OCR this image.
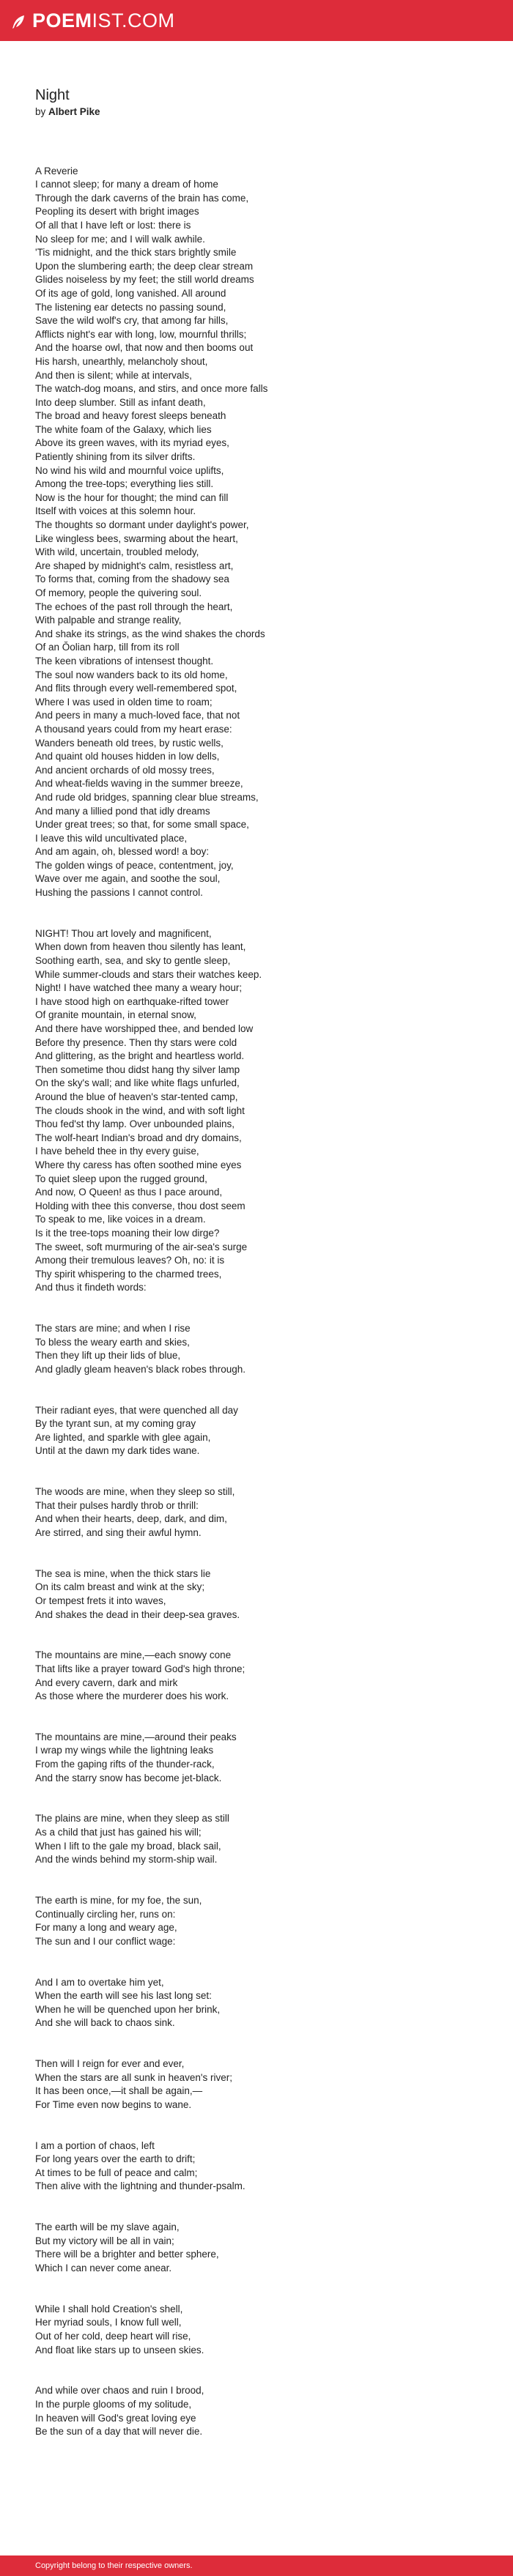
POEM IST.COM
Night
by Albert Pike

A Reverie
I cannot sleep; for many a dream of home
Through the dark caverns of the brain has come,
Peopling its desert with bright images
Of all that I have left or lost: there is
No sleep for me; and I will walk awhile.
'Tis midnight, and the thick stars brightly smile
Upon the slumbering earth; the deep clear stream
Glides noiseless by my feet; the still world dreams
Of its age of gold, long vanished. All around
The listening ear detects no passing sound,
Save the wild wolf's cry, that among far hills,
Afflicts night's ear with long, low, mournful thrills;
And the hoarse owl, that now and then booms out
His harsh, unearthly, melancholy shout,
And then is silent; while at intervals,
The watch-dog moans, and stirs, and once more falls
Into deep slumber. Still as infant death,
The broad and heavy forest sleeps beneath
The white foam of the Galaxy, which lies
Above its green waves, with its myriad eyes,
Patiently shining from its silver drifts.
No wind his wild and mournful voice uplifts,
Among the tree-tops; everything lies still.
Now is the hour for thought; the mind can fill
Itself with voices at this solemn hour.
The thoughts so dormant under daylight's power,
Like wingless bees, swarming about the heart,
With wild, uncertain, troubled melody,
Are shaped by midnight's calm, resistless art,
To forms that, coming from the shadowy sea
Of memory, people the quivering soul.
The echoes of the past roll through the heart,
With palpable and strange reality,
And shake its strings, as the wind shakes the chords
Of an Ŏolian harp, till from its roll
The keen vibrations of intensest thought.
The soul now wanders back to its old home,
And flits through every well-remembered spot,
Where I was used in olden time to roam;
And peers in many a much-loved face, that not
A thousand years could from my heart erase:
Wanders beneath old trees, by rustic wells,
And quaint old houses hidden in low dells,
And ancient orchards of old mossy trees,
And wheat-fields waving in the summer breeze,
And rude old bridges, spanning clear blue streams,
And many a lillied pond that idly dreams
Under great trees; so that, for some small space,
I leave this wild uncultivated place,
And am again, oh, blessed word! a boy:
The golden wings of peace, contentment, joy,
Wave over me again, and soothe the soul,
Hushing the passions I cannot control.

NIGHT! Thou art lovely and magnificent,
When down from heaven thou silently has leant,
Soothing earth, sea, and sky to gentle sleep,
While summer-clouds and stars their watches keep.
Night! I have watched thee many a weary hour;
I have stood high on earthquake-rifted tower
Of granite mountain, in eternal snow,
And there have worshipped thee, and bended low
Before thy presence. Then thy stars were cold
And glittering, as the bright and heartless world.
Then sometime thou didst hang thy silver lamp
On the sky's wall; and like white flags unfurled,
Around the blue of heaven's star-tented camp,
The clouds shook in the wind, and with soft light
Thou fed'st thy lamp. Over unbounded plains,
The wolf-heart Indian's broad and dry domains,
I have beheld thee in thy every guise,
Where thy caress has often soothed mine eyes
To quiet sleep upon the rugged ground,
And now, O Queen! as thus I pace around,
Holding with thee this converse, thou dost seem
To speak to me, like voices in a dream.
Is it the tree-tops moaning their low dirge?
The sweet, soft murmuring of the air-sea's surge
Among their tremulous leaves? Oh, no: it is
Thy spirit whispering to the charmed trees,
And thus it findeth words:

The stars are mine; and when I rise
To bless the weary earth and skies,
Then they lift up their lids of blue,
And gladly gleam heaven's black robes through.

Their radiant eyes, that were quenched all day
By the tyrant sun, at my coming gray
Are lighted, and sparkle with glee again,
Until at the dawn my dark tides wane.

The woods are mine, when they sleep so still,
That their pulses hardly throb or thrill:
And when their hearts, deep, dark, and dim,
Are stirred, and sing their awful hymn.

The sea is mine, when the thick stars lie
On its calm breast and wink at the sky;
Or tempest frets it into waves,
And shakes the dead in their deep-sea graves.

The mountains are mine,—each snowy cone
That lifts like a prayer toward God's high throne;
And every cavern, dark and mirk
As those where the murderer does his work.

The mountains are mine,—around their peaks
I wrap my wings while the lightning leaks
From the gaping rifts of the thunder-rack,
And the starry snow has become jet-black.

The plains are mine, when they sleep as still
As a child that just has gained his will;
When I lift to the gale my broad, black sail,
And the winds behind my storm-ship wail.

The earth is mine, for my foe, the sun,
Continually circling her, runs on:
For many a long and weary age,
The sun and I our conflict wage:

And I am to overtake him yet,
When the earth will see his last long set:
When he will be quenched upon her brink,
And she will back to chaos sink.

Then will I reign for ever and ever,
When the stars are all sunk in heaven's river;
It has been once,—it shall be again,—
For Time even now begins to wane.

I am a portion of chaos, left
For long years over the earth to drift;
At times to be full of peace and calm;
Then alive with the lightning and thunder-psalm.

The earth will be my slave again,
But my victory will be all in vain;
There will be a brighter and better sphere,
Which I can never come anear.

While I shall hold Creation's shell,
Her myriad souls, I know full well,
Out of her cold, deep heart will rise,
And float like stars up to unseen skies.

And while over chaos and ruin I brood,
In the purple glooms of my solitude,
In heaven will God's great loving eye
Be the sun of a day that will never die.

Copyright belong to their respective owners.
